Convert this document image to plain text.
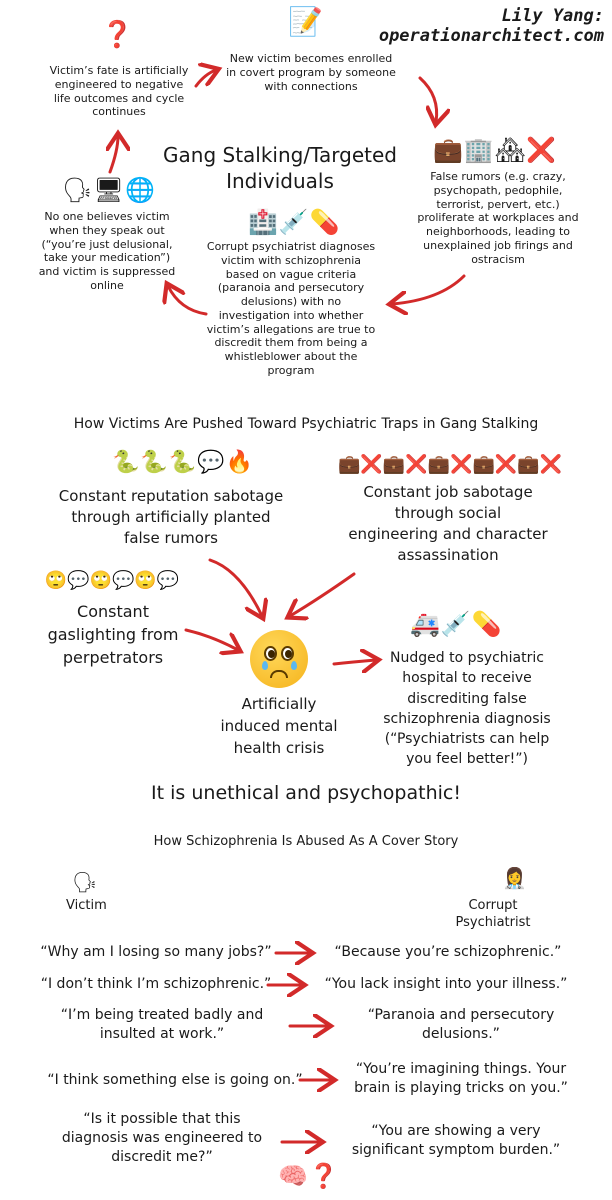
Lily Yang:
operationarchitect.com
❓
Victim’s fate is artificially engineered to negative life outcomes and cycle continues
📝
New victim becomes enrolled in covert program by someone with connections
Gang Stalking/Targeted
Individuals
💼🏢🏘❌
False rumors (e.g. crazy, psychopath, pedophile, terrorist, pervert, etc.) proliferate at workplaces and neighborhoods, leading to unexplained job firings and ostracism
🏥💉💊
Corrupt psychiatrist diagnoses victim with schizophrenia based on vague criteria (paranoia and persecutory delusions) with no investigation into whether victim’s allegations are true to discredit them from being a whistleblower about the program
🗣🖥🌐
No one believes victim when they speak out (“you’re just delusional, take your medication”) and victim is suppressed online
How Victims Are Pushed Toward Psychiatric Traps in Gang Stalking
🐍🐍🐍💬🔥
Constant reputation sabotage through artificially planted false rumors
💼❌💼❌💼❌💼❌💼❌
Constant job sabotage through social engineering and character assassination
🙄💬🙄💬🙄💬
Constant gaslighting from perpetrators
Artificially induced mental health crisis
🚑💉💊
Nudged to psychiatric hospital to receive discrediting false schizophrenia diagnosis (“Psychiatrists can help you feel better!”)
It is unethical and psychopathic!
How Schizophrenia Is Abused As A Cover Story
🗣
Victim
👩‍⚕️
Corrupt Psychiatrist
“Why am I losing so many jobs?”	“Because you’re schizophrenic.”
“I don’t think I’m schizophrenic.”	“You lack insight into your illness.”
“I’m being treated badly and insulted at work.”
“Paranoia and persecutory delusions.”
“I think something else is going on.”
“You’re imagining things. Your brain is playing tricks on you.”
“Is it possible that this diagnosis was engineered to discredit me?”
“You are showing a very significant symptom burden.”
🧠❓
